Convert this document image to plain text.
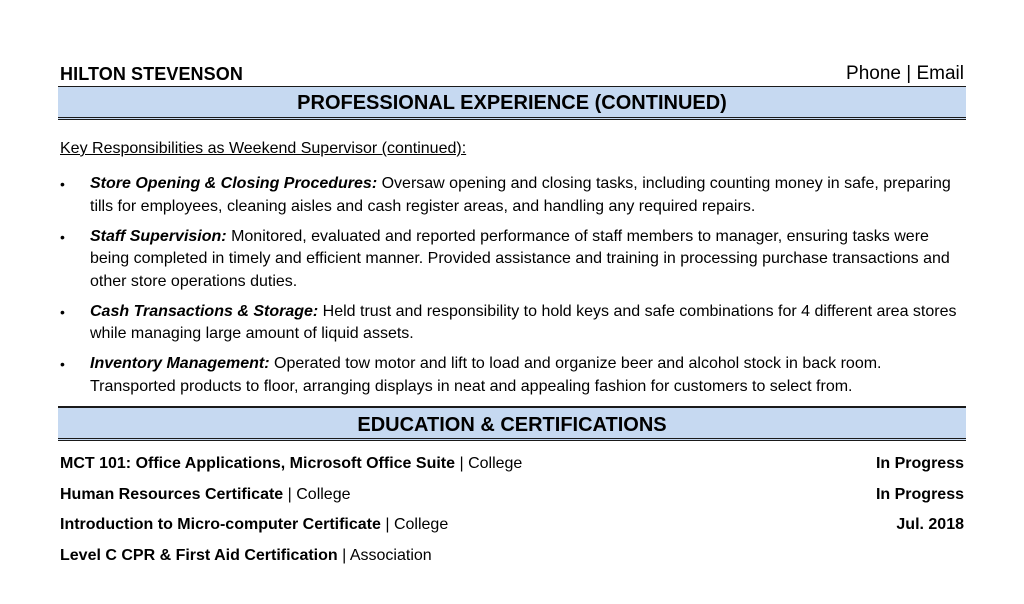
HILTON STEVENSON	Phone | Email
PROFESSIONAL EXPERIENCE (CONTINUED)
Key Responsibilities as Weekend Supervisor (continued):
• Store Opening & Closing Procedures: Oversaw opening and closing tasks, including counting money in safe, preparing tills for employees, cleaning aisles and cash register areas, and handling any required repairs.
• Staff Supervision: Monitored, evaluated and reported performance of staff members to manager, ensuring tasks were being completed in timely and efficient manner. Provided assistance and training in processing purchase transactions and other store operations duties.
• Cash Transactions & Storage: Held trust and responsibility to hold keys and safe combinations for 4 different area stores while managing large amount of liquid assets.
• Inventory Management: Operated tow motor and lift to load and organize beer and alcohol stock in back room. Transported products to floor, arranging displays in neat and appealing fashion for customers to select from.
EDUCATION & CERTIFICATIONS
MCT 101: Office Applications, Microsoft Office Suite | College	In Progress
Human Resources Certificate | College	In Progress
Introduction to Micro-computer Certificate | College	Jul. 2018
Level C CPR & First Aid Certification | Association
